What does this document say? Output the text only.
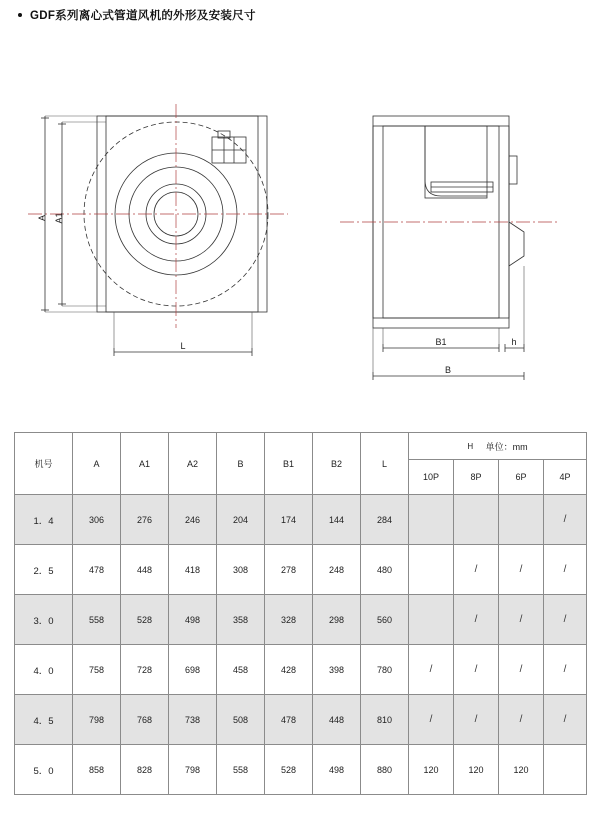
GDF系列离心式管道风机的外形及安装尺寸
A A1
L	B1	h
B
机号	A	A1	A2	B	B1	B2	L	H 单位：mm			

								10P	8P	6P	4P
1．4	306	276	246	204	174	144	284				/
2．5	478	448	418	308	278	248	480		/	/	/
3．0	558	528	498	358	328	298	560		/	/	/
4．0	758	728	698	458	428	398	780	/	/	/	/
4．5	798	768	738	508	478	448	810	/	/	/	/
5．0	858	828	798	558	528	498	880	120	120	120	
